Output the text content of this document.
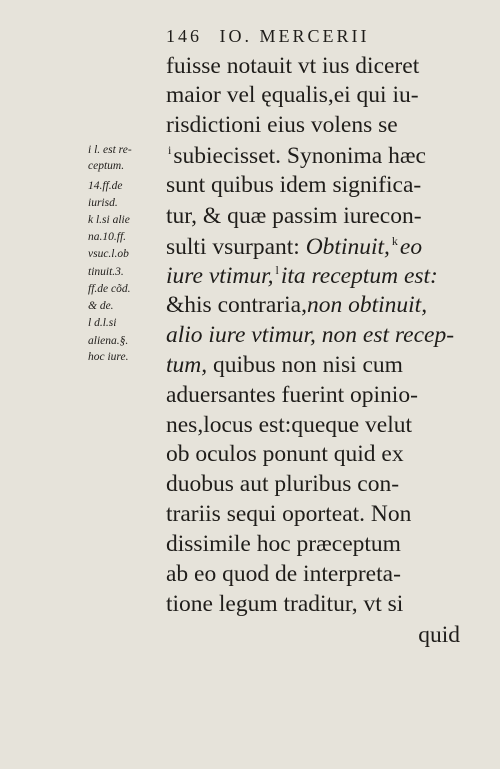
146 IO. MERCERII
fuisse notauit vt ius diceret
maior vel ęqualis,ei qui iu-
risdictioni eius volens se
$^i$subiecisset. Synonima hæc
sunt quibus idem significa-
tur, & quæ passim iurecon-
sulti vsurpant: Obtinuit, $^k$eo
iure vtimur, $^l$ita receptum est:
&his contraria,non obtinuit,
alio iure vtimur, non est recep-
tum, quibus non nisi cum
aduersantes fuerint opinio-
nes,locus est:queque velut
ob oculos ponunt quid ex
duobus aut pluribus con-
trariis sequi oporteat. Non
dissimile hoc præceptum
ab eo quod de interpreta-
tione legum traditur, vt si
quid
i l. est re-
ceptum.
14.ff.de
iurisd.
k l.si alie
na.10.ff.
vsuc.l.ob
tinuit.3.
ff.de cõd.
& de.
l d.l.si
aliena.§.
hoc iure.
